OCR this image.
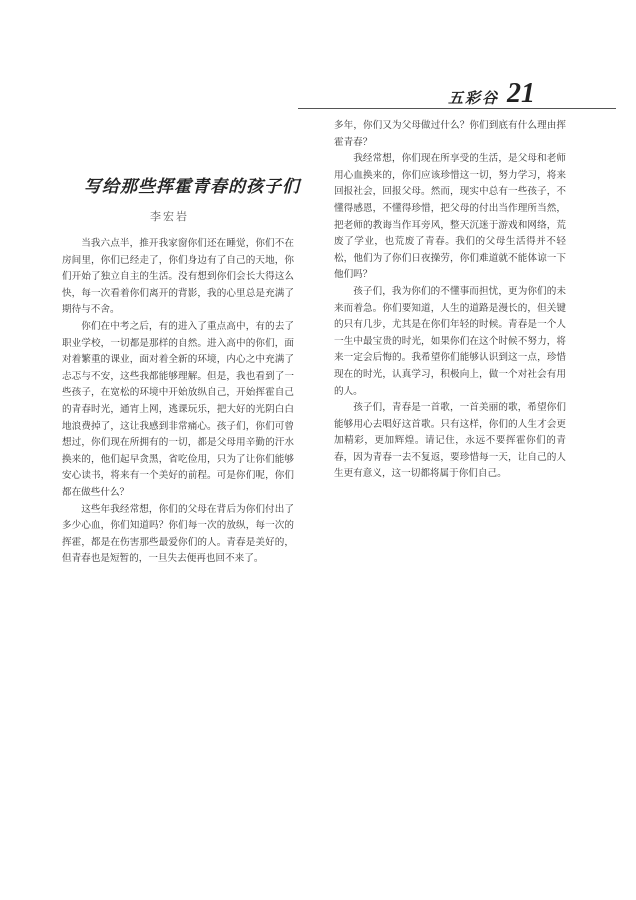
五彩谷 21
写给那些挥霍青春的孩子们
李宏岩

当我六点半，推开我家窗你们还在睡觉，你们不在房间里，你们已经走了，你们身边有了自己的天地，你们开始了独立自主的生活。没有想到你们会长大得这么快，每一次看着你们离开的背影，我的心里总是充满了期待与不舍。

你们在中考之后，有的进入了重点高中，有的去了职业学校，一切都是那样的自然。进入高中的你们，面对着繁重的课业，面对着全新的环境，内心之中充满了忐忑与不安，这些我都能够理解。但是，我也看到了一些孩子，在宽松的环境中开始放纵自己，开始挥霍自己的青春时光，通宵上网，逃课玩乐，把大好的光阴白白地浪费掉了，这让我感到非常痛心。孩子们，你们可曾想过，你们现在所拥有的一切，都是父母用辛勤的汗水换来的，他们起早贪黑，省吃俭用，只为了让你们能够安心读书，将来有一个美好的前程。可是你们呢，你们都在做些什么？

这些年我经常想，你们的父母在背后为你们付出了多少心血，你们知道吗？你们每一次的放纵，每一次的挥霍，都是在伤害那些最爱你们的人。青春是美好的，但青春也是短暂的，一旦失去便再也回不来了。

多年，你们又为父母做过什么？你们到底有什么理由挥霍青春？

我经常想，你们现在所享受的生活，是父母和老师用心血换来的，你们应该珍惜这一切，努力学习，将来回报社会，回报父母。然而，现实中总有一些孩子，不懂得感恩，不懂得珍惜，把父母的付出当作理所当然，把老师的教诲当作耳旁风，整天沉迷于游戏和网络，荒废了学业，也荒废了青春。我们的父母生活得并不轻松，他们为了你们日夜操劳，你们难道就不能体谅一下他们吗？

孩子们，我为你们的不懂事而担忧，更为你们的未来而着急。你们要知道，人生的道路是漫长的，但关键的只有几步，尤其是在你们年轻的时候。青春是一个人一生中最宝贵的时光，如果你们在这个时候不努力，将来一定会后悔的。我希望你们能够认识到这一点，珍惜现在的时光，认真学习，积极向上，做一个对社会有用的人。

孩子们，青春是一首歌，一首美丽的歌，希望你们能够用心去唱好这首歌。只有这样，你们的人生才会更加精彩，更加辉煌。请记住，永远不要挥霍你们的青春，因为青春一去不复返，要珍惜每一天，让自己的人生更有意义，这一切都将属于你们自己。
